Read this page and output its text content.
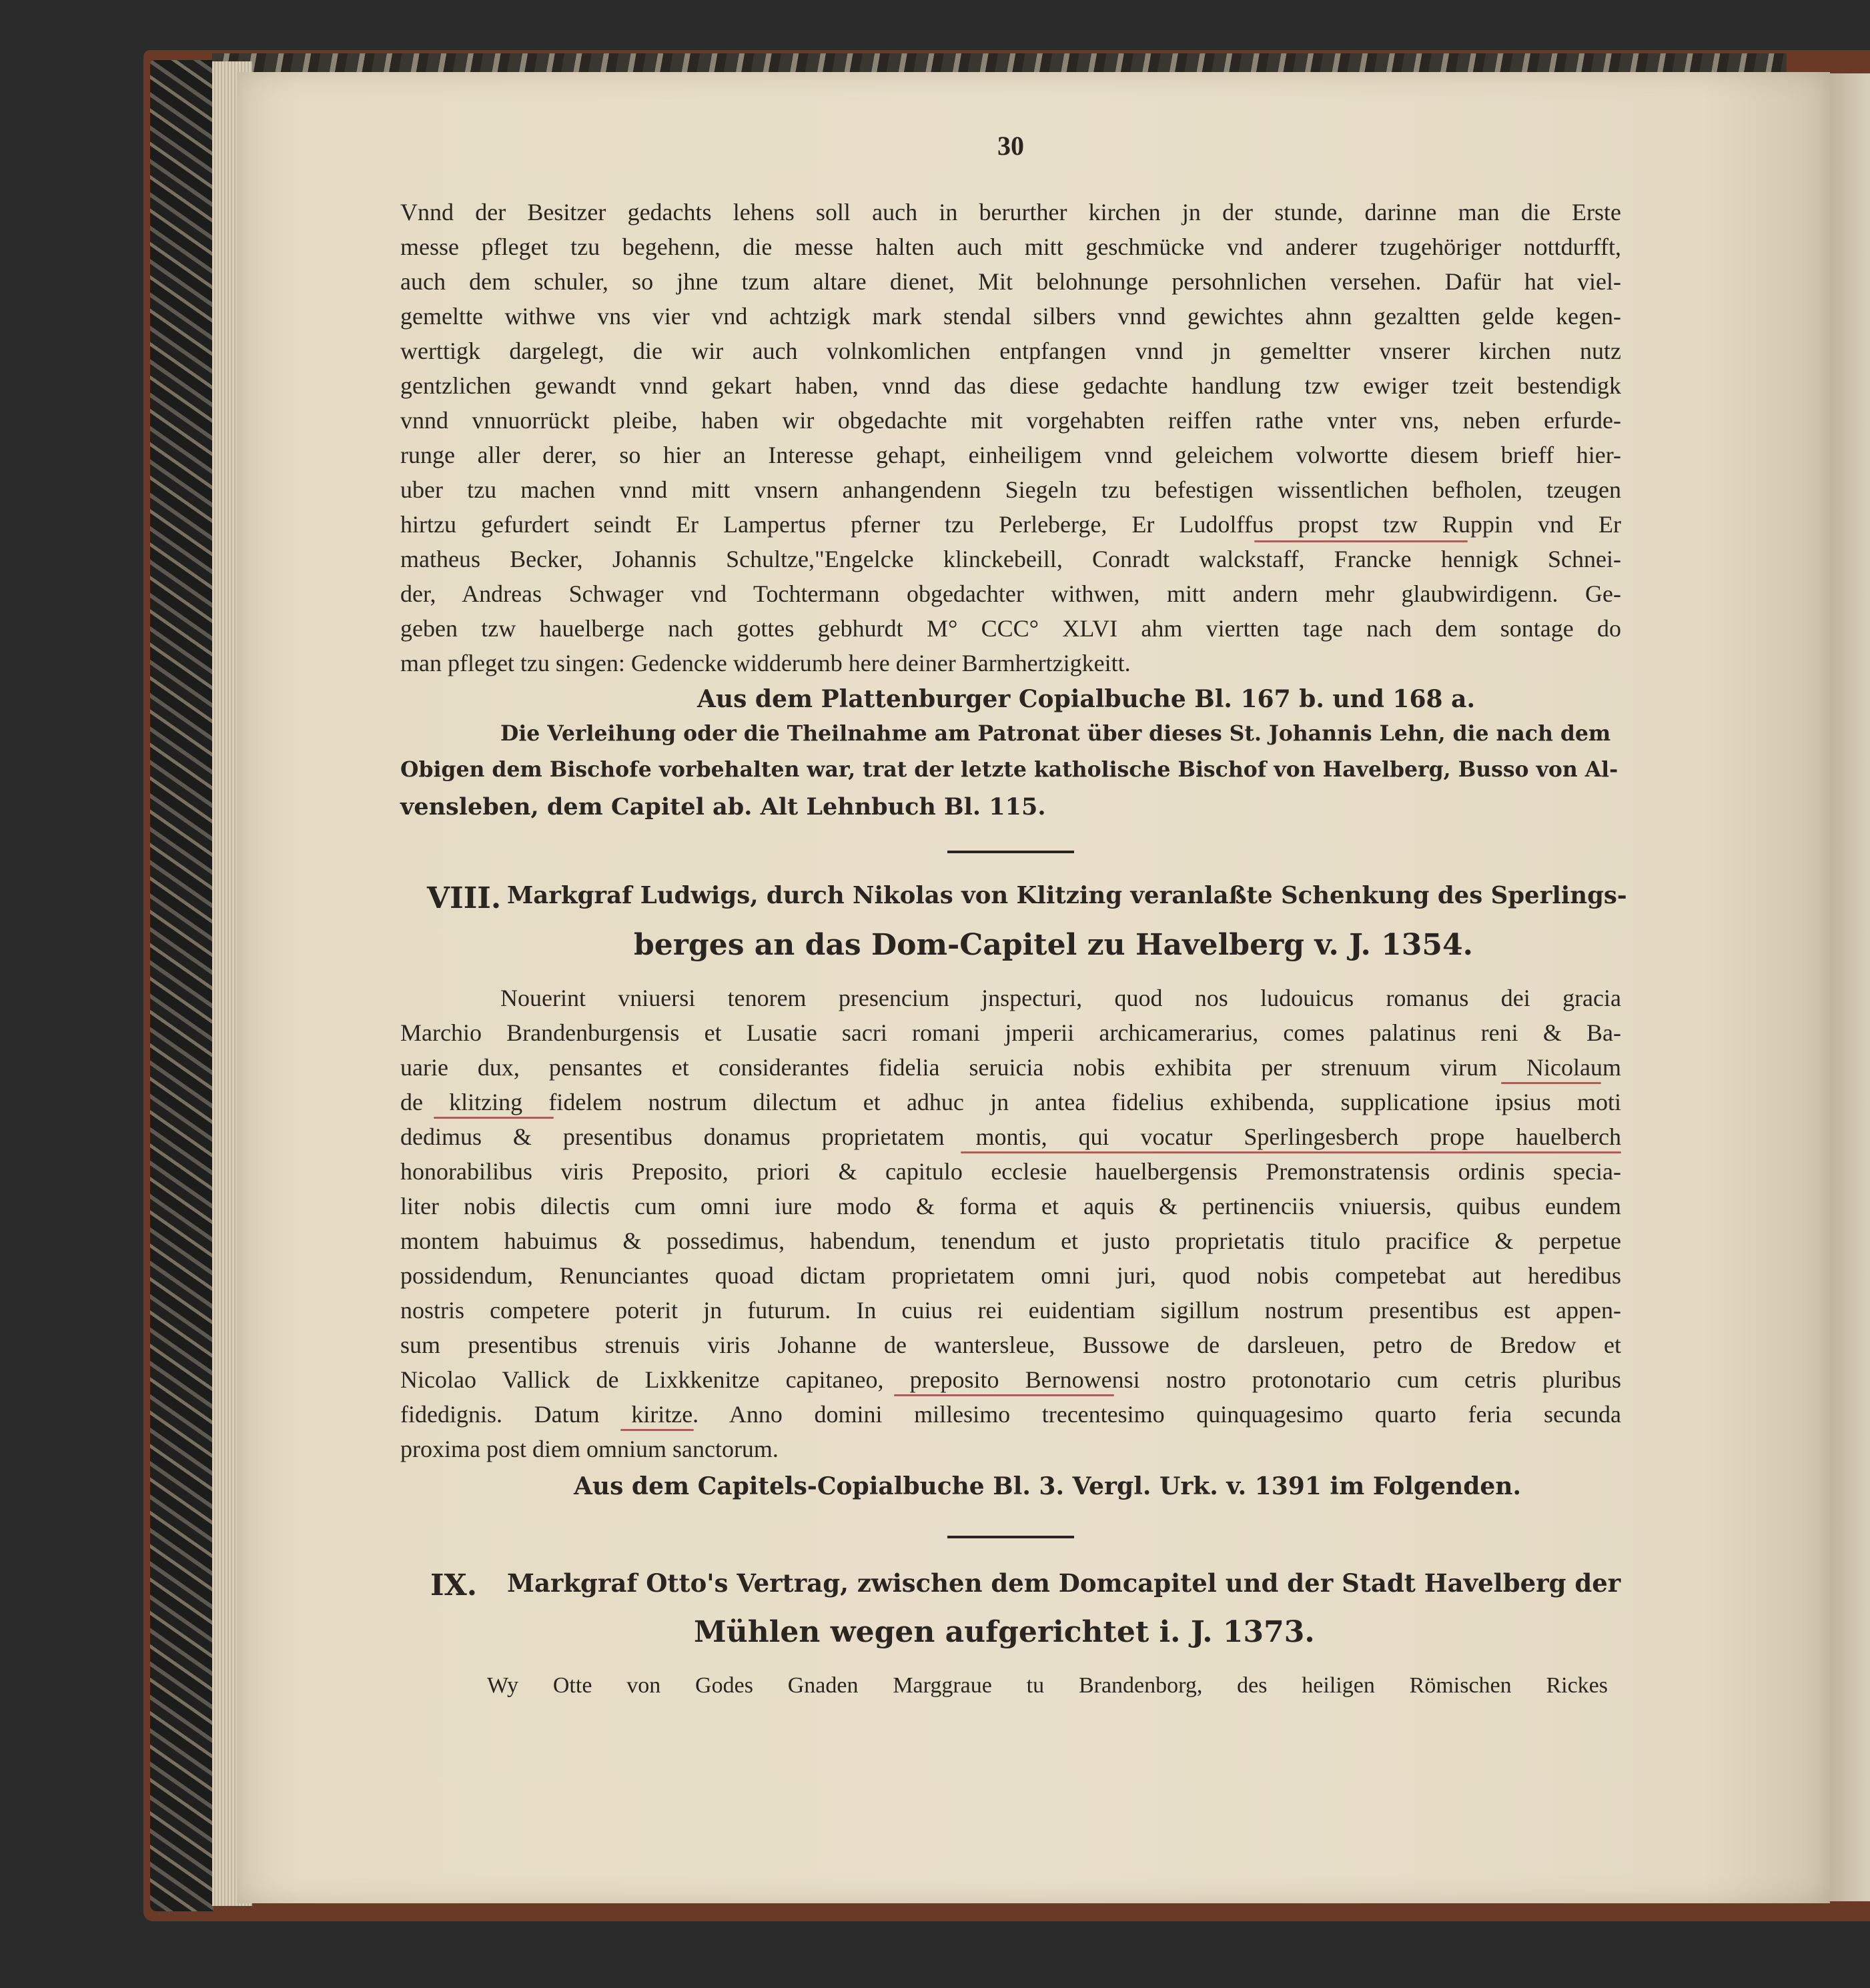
30
Vnnd der Besitzer gedachts lehens soll auch in berurther kirchen jn der stunde, darinne man die Erste
messe pfleget tzu begehenn, die messe halten auch mitt geschmücke vnd anderer tzugehöriger nottdurfft,
auch dem schuler, so jhne tzum altare dienet, Mit belohnunge persohnlichen versehen. Dafür hat viel-
gemeltte withwe vns vier vnd achtzigk mark stendal silbers vnnd gewichtes ahnn gezaltten gelde kegen-
werttigk dargelegt, die wir auch volnkomlichen entpfangen vnnd jn gemeltter vnserer kirchen nutz
gentzlichen gewandt vnnd gekart haben, vnnd das diese gedachte handlung tzw ewiger tzeit bestendigk
vnnd vnnuorrückt pleibe, haben wir obgedachte mit vorgehabten reiffen rathe vnter vns, neben erfurde-
runge aller derer, so hier an Interesse gehapt, einheiligem vnnd geleichem volwortte diesem brieff hier-
uber tzu machen vnnd mitt vnsern anhangendenn Siegeln tzu befestigen wissentlichen befholen, tzeugen
hirtzu gefurdert seindt Er Lampertus pferner tzu Perleberge, Er Ludolffus propst tzw Ruppin vnd Er
matheus Becker, Johannis Schultze,"Engelcke klinckebeill, Conradt walckstaff, Francke hennigk Schnei-
der, Andreas Schwager vnd Tochtermann obgedachter withwen, mitt andern mehr glaubwirdigenn. Ge-
geben tzw hauelberge nach gottes gebhurdt M° CCC° XLVI ahm viertten tage nach dem sontage do
man pfleget tzu singen: Gedencke widderumb here deiner Barmhertzigkeitt.
Aus dem Plattenburger Copialbuche Bl. 167 b. und 168 a.
Die Verleihung oder die Theilnahme am Patronat über dieses St. Johannis Lehn, die nach dem
Obigen dem Bischofe vorbehalten war, trat der letzte katholische Bischof von Havelberg, Busso von Al-
vensleben, dem Capitel ab. Alt Lehnbuch Bl. 115.
VIII. Markgraf Ludwigs, durch Nikolas von Klitzing veranlaßte Schenkung des Sperlings-
berges an das Dom-Capitel zu Havelberg v. J. 1354.
Nouerint vniuersi tenorem presencium jnspecturi, quod nos ludouicus romanus dei gracia
Marchio Brandenburgensis et Lusatie sacri romani jmperii archicamerarius, comes palatinus reni & Ba-
uarie dux, pensantes et considerantes fidelia seruicia nobis exhibita per strenuum virum Nicolaum
de klitzing fidelem nostrum dilectum et adhuc jn antea fidelius exhibenda, supplicatione ipsius moti
dedimus & presentibus donamus proprietatem montis, qui vocatur Sperlingesberch prope hauelberch
honorabilibus viris Preposito, priori & capitulo ecclesie hauelbergensis Premonstratensis ordinis specia-
liter nobis dilectis cum omni iure modo & forma et aquis & pertinenciis vniuersis, quibus eundem
montem habuimus & possedimus, habendum, tenendum et justo proprietatis titulo pracifice & perpetue
possidendum, Renunciantes quoad dictam proprietatem omni juri, quod nobis competebat aut heredibus
nostris competere poterit jn futurum. In cuius rei euidentiam sigillum nostrum presentibus est appen-
sum presentibus strenuis viris Johanne de wantersleue, Bussowe de darsleuen, petro de Bredow et
Nicolao Vallick de Lixkkenitze capitaneo, preposito Bernowensi nostro protonotario cum cetris pluribus
fidedignis. Datum kiritze. Anno domini millesimo trecentesimo quinquagesimo quarto feria secunda
proxima post diem omnium sanctorum.
Aus dem Capitels-Copialbuche Bl. 3. Vergl. Urk. v. 1391 im Folgenden.
IX. Markgraf Otto's Vertrag, zwischen dem Domcapitel und der Stadt Havelberg der
Mühlen wegen aufgerichtet i. J. 1373.
Wy Otte von Godes Gnaden Marggraue tu Brandenborg, des heiligen Römischen Rickes
